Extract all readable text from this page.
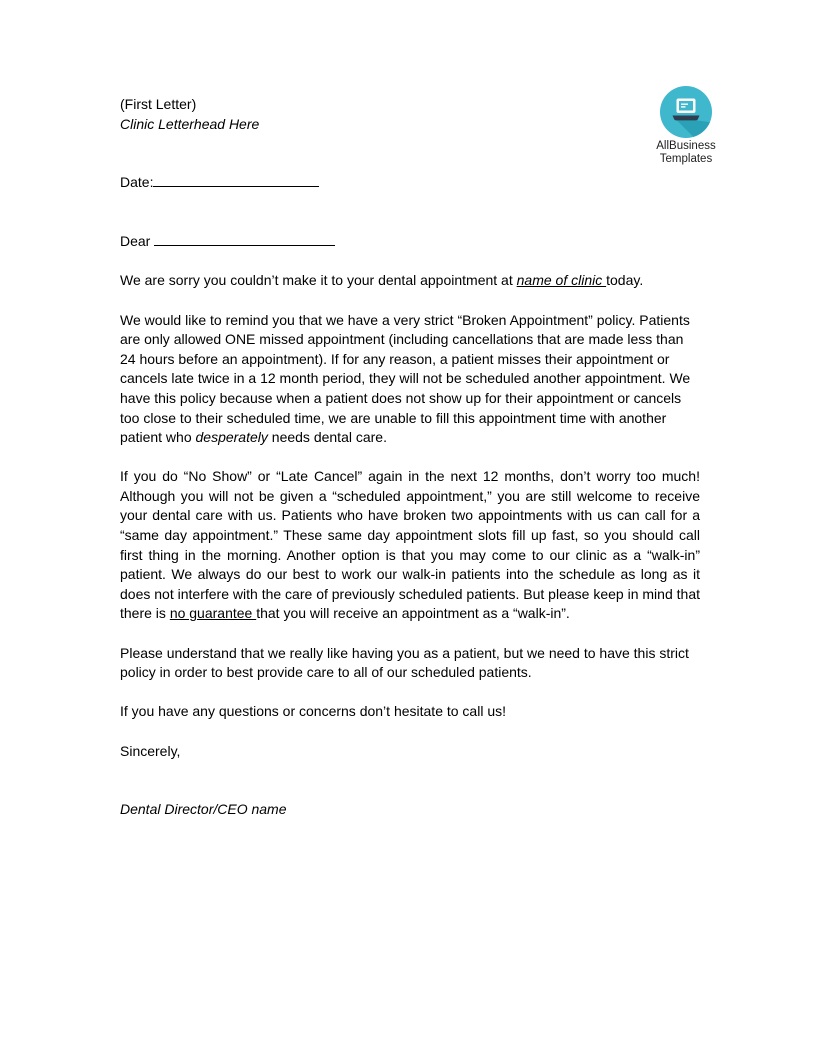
AllBusiness
Templates
(First Letter)
Clinic Letterhead Here
Date:
Dear

We are sorry you couldn’t make it to your dental appointment at name of clinic today.

We would like to remind you that we have a very strict “Broken Appointment” policy. Patients are only allowed ONE missed appointment (including cancellations that are made less than 24 hours before an appointment). If for any reason, a patient misses their appointment or cancels late twice in a 12 month period, they will not be scheduled another appointment. We have this policy because when a patient does not show up for their appointment or cancels too close to their scheduled time, we are unable to fill this appointment time with another patient who desperately needs dental care.

If you do “No Show” or “Late Cancel” again in the next 12 months, don’t worry too much! Although you will not be given a “scheduled appointment,” you are still welcome to receive your dental care with us. Patients who have broken two appointments with us can call for a “same day appointment.” These same day appointment slots fill up fast, so you should call first thing in the morning. Another option is that you may come to our clinic as a “walk-in” patient. We always do our best to work our walk-in patients into the schedule as long as it does not interfere with the care of previously scheduled patients. But please keep in mind that there is no guarantee that you will receive an appointment as a “walk-in”.

Please understand that we really like having you as a patient, but we need to have this strict policy in order to best provide care to all of our scheduled patients.

If you have any questions or concerns don’t hesitate to call us!

Sincerely,
Dental Director/CEO name
